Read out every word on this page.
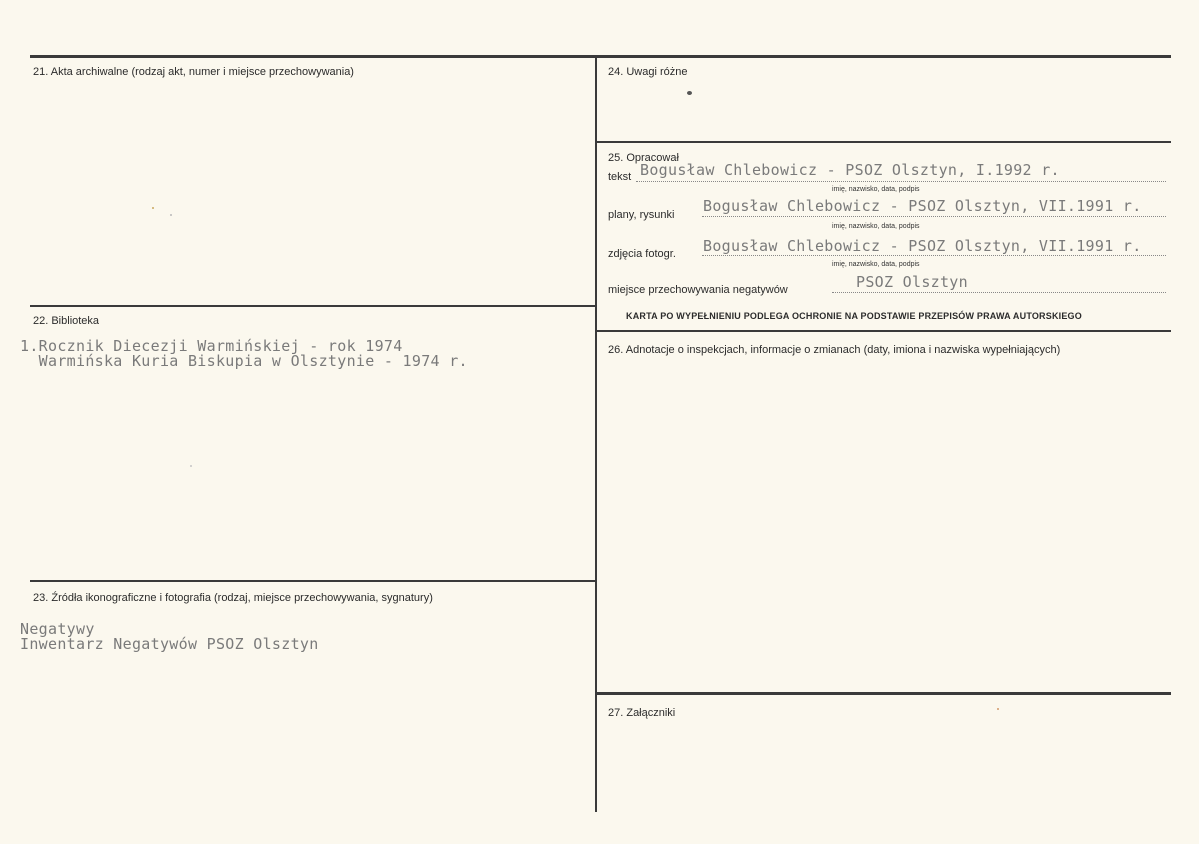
21. Akta archiwalne (rodzaj akt, numer i miejsce przechowywania)
22. Biblioteka
1.Rocznik Diecezji Warmińskiej - rok 1974
Warmińska Kuria Biskupia w Olsztynie - 1974 r.
23. Źródła ikonograficzne i fotografia (rodzaj, miejsce przechowywania, sygnatury)
Negatywy
Inwentarz Negatywów PSOZ Olsztyn
24. Uwagi różne
25. Opracował
tekst Bogusław Chlebowicz - PSOZ Olsztyn, I.1992 r.
imię, nazwisko, data, podpis
plany, rysunki Bogusław Chlebowicz - PSOZ Olsztyn, VII.1991 r.
imię, nazwisko, data, podpis
zdjęcia fotogr. Bogusław Chlebowicz - PSOZ Olsztyn, VII.1991 r.
imię, nazwisko, data, podpis
miejsce przechowywania negatywów	PSOZ Olsztyn
KARTA PO WYPEŁNIENIU PODLEGA OCHRONIE NA PODSTAWIE PRZEPISÓW PRAWA AUTORSKIEGO
26. Adnotacje o inspekcjach, informacje o zmianach (daty, imiona i nazwiska wypełniających)
27. Załączniki
